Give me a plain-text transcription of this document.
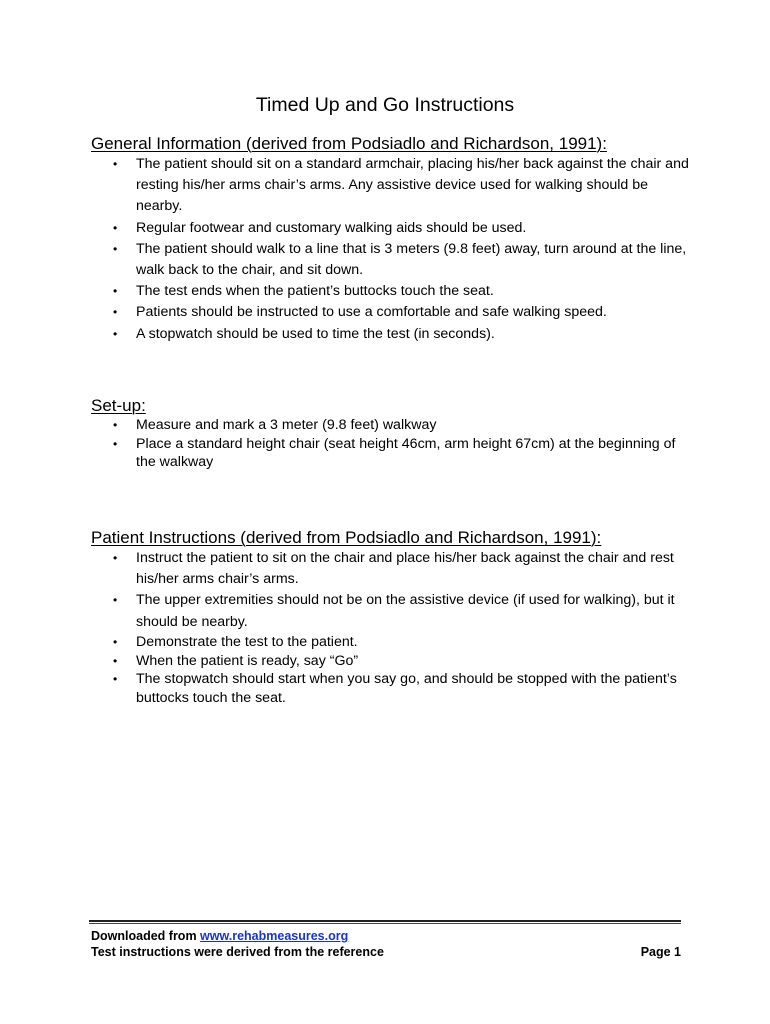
Timed Up and Go Instructions
General Information (derived from Podsiadlo and Richardson, 1991):
• The patient should sit on a standard armchair, placing his/her back against the chair and resting his/her arms chair’s arms. Any assistive device used for walking should be nearby.
• Regular footwear and customary walking aids should be used.
• The patient should walk to a line that is 3 meters (9.8 feet) away, turn around at the line, walk back to the chair, and sit down.
• The test ends when the patient’s buttocks touch the seat.
• Patients should be instructed to use a comfortable and safe walking speed.
• A stopwatch should be used to time the test (in seconds).
Set-up:
• Measure and mark a 3 meter (9.8 feet) walkway
• Place a standard height chair (seat height 46cm, arm height 67cm) at the beginning of the walkway
Patient Instructions (derived from Podsiadlo and Richardson, 1991):
• Instruct the patient to sit on the chair and place his/her back against the chair and rest his/her arms chair’s arms.
• The upper extremities should not be on the assistive device (if used for walking), but it should be nearby.
• Demonstrate the test to the patient.
• When the patient is ready, say “Go”
• The stopwatch should start when you say go, and should be stopped with the patient’s buttocks touch the seat.
Downloaded from www.rehabmeasures.org
Test instructions were derived from the reference	Page 1
